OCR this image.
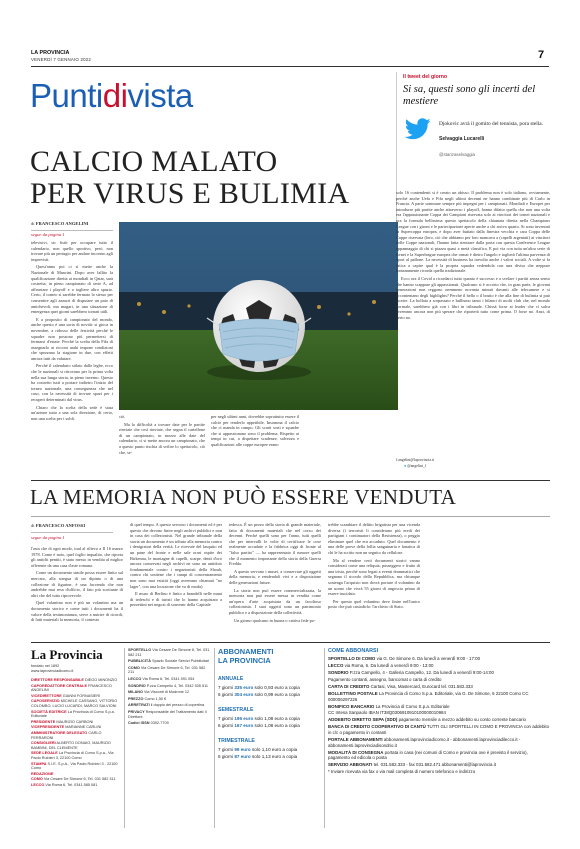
LA PROVINCIA
VENERDÌ 7 GENNAIO 2022	7
Puntidivista	Il tweet del giorno
Si sa, questi sono gli incerti del mestiere
Djokovic avrà il gomito del tennista, pora stella.
Selvaggia Lucarelli
@stanzaselvaggia
CALCIO MALATO
PER VIRUS E BULIMIA
di FRANCESCO ANGELINI
segue da pagina 1

televisivi, sic fistit per occupare tutto il calendario, non quello sportivo, però, non trovare più un pertugio per andare incontro agli imprevisti.

Quest'anno poi ci si mette anche la Nazionale di Mancini. Dopo aver fallito la qualificazione diretta ai mondiali in Qatar, sarà costretta, in pieno campionato di serie A, ad affrontare i playoff e a togliere altro spazio. Certo, il torneo si sarebbe fermato lo stesso per consentire agli azzurri di disputare un paio di amichevoli, ma magari, in una situazione di emergenza quei giorni sarebbero tornati utili.

E a proposito di campionato del mondo, anche questo è una sorta di novità: si gioca in novembre, a ridosso delle festività perché le squadre non possono più permettersi di fermarsi d'estate. Perché la scelta della Fifa di assegnarlo ai ricconi arabi impone condizioni che spezzano la stagione in due, con effetti ancora tutti da valutare.

Perché il calendario stilato dalle leghe, ecco che le nazionali si ritrovano per la prima volta nella sua lunga storia, in pieno inverno. Questo ha costretto tutti a portare indietro l'inizio del torneo nazionale, una conseguenza che nel caso, con la necessità di trovare spazi per i recuperi determinati dal virus.

Chiaro che la scelta della sede è stata un'azione tutta a una sola direzione, di certo, non una scelta per i soldi.	ciò.

Ma la difficoltà a trovare date per le partite rinviate che così rinviate, che segna il cartellone di un campionato, in mezzo alle date del calendario, ci si mette ancora un campionato, che a questo punto rischia di svilire lo spettacolo, ciò che, se-

per negli ultimi anni, dovrebbe soprattutto essere il calcio per renderlo appetibile. Insomma il calcio che ci manda in campo, Gli scarti sorti e squadre che si appassionano sono il problema. Rispetto ai tempi in cui, a dispettare scadenze, salvezza e qualificazioni alle coppe europee erano

solo 16 contendenti si è creato un abisso. Il problema non è solo italiano, ovviamente, perché anche Uefa e Fifa negli ultimi decenni ne hanno combinate più di Carlo in Francia. A parte sommare sempre più impegni per i campionati. Mondiali e Europei per introdurre più partite anche attraverso i playoff, hanno difatto quella che non una volta era l'appassionante Coppa dei Campioni riservata solo ai vincitori dei tornei nazionali e ora la formula bellissima questo spettacolo della chiamata diretta nella Champions League con i gironi e le partecipazione aperte anche a chi arriva quarto. Si sono inventati la Supercoppa europea, e dopo aver buttato dalla finestra vecchia e cara Coppa delle Coppe riservata (loro, ciò che abbiamo per loro mancava a (capelli argentati) ai vincitori delle Coppe nazionali, l'hanno fatta rientrare dalla porta con questa Conference League appannaggio di chi si piazza quasi a metà classifica. E poi via con tutta un'altra serie di tornei e la Superleague europea che ormai è dietro l'angolo e toglierà l'ultima parvenza di sport al pallone. La necessità di business ha travolto anche i valori sociali. A volte si fa fatica a capire qual è la propria squadra vedendola con una divisa che neppure lontanamente ricorda quella tradizionale.

Ecco ora il Covid a ricordarci tutto quanto è successo e a svelare i partiti senza senso che hanno scappare gli appassionati. Qualcuno si è accorto che, in gran parte, le giovani generazioni non reggono nemmeno novanta minuti davanti alle telecamere e si accontentano degli highlights? Perché il bello o il brutto è che alla fine di bulimia si può morire. La bollata a sorpassato e bullismo tanto i bilanci di molti club che, nel mondo normale, sarebbero già con i libri in tribunale. Chissà forse ai leader che ci salva avremmo ancora non più sperare che riporterà tutto come prima. O forse no. Anzi, di certo no.

f.angelini@laprovincia.it
● @angelini_f
LA MEMORIA NON PUÒ ESSERE VENDUTA
di FRANCESCO ANFOSSI
segue da pagina 1

l'asta che di ogni modo, trad al rilievo a Il 16 marzo 1978. Come è noto, quel foglio inqualito, che riporta gli antichi pentiti, è stato messo in vendita al miglior offerente da una casa d'aste romana.

Come un documento simile possa essere finito sul mercato, alla stregua di un dipinto o di una collezione di figurine, è una faccenda che non andrebbe mai resa d'ufficio, il fato più scottante di altri che del tutto riprovevole.

Quel volantino non è più un volantino ma un documento storico e come tutti i documenti ha il valore della testimonianza, serve a nutrire di ricordi, di fatti materiali la memoria, il contesto

di quel tempo. A questo servono i documenti ed è per questo che devono finire negli archivi pubblici e non in casa dei collezionisti. Nel grande tribunale della storia un documento è un tributo alla memoria contro i denigratori della verità. Le ricevute del lasquito ed un pane del fronte e nelle sale orari ospite dei Birkenau, le montagne di capelli, scarpe, denti d'oro ancora conservati negli archivi ne sono un antidoto fondamentale contro i negazionisti della Shoah, contro chi sostiene che i campi di concentramento non sono mai esistiti (oggi avremmo chiamati "no lager", con una locuzione che va di moda).

Il muro di Berlino è finito a brandelli nelle mani di tedeschi e di turisti che lo hanno acquistato a pezzettini nei negozi di souvenir della Capitale

tedesca. È un pezzo della storia di grande materiale, fatta di documenti materiali che nel corso dei decenni. Perché quelli sono per l'anno, tutti quelli che per intervalli le volte di certificare le cose realmente accadute e la fabbrica oggi di fronte al "falso partito" — ha rappresentato il rumore quelli che il momento importante della storia della Guerra Fredda.

A questo servono i musei, a conservare gli oggetti della memoria, e rendendoli vivi e a disposizione delle generazioni future.

La storia non può essere commercializzata, la memoria non può essere messa in vendita come un'opera d'arte acquistata da un facoltoso collezionista. I suoi oggetti sono un patrimonio pubblico e a disposizione della collettività.

Un giorno qualcuno in buona o cattiva fede po-

trebbe scambiare il delitto brigatista per una vicenda diversa (i terroristi li considerano più eredi dei partigiani i continuatori della Resistenza), o peggio eliminare quel che era accaduto. Quel documento è una delle prove della follia sanguinaria e fanatica di chi le ha scritto non un segnito da cellulose.

Ma al vendere certi documenti storici vanno considerati come una reliquia, passeggero e frutto di una trista, perché sono legati a eventi drammatici che segnano il ricordo della Repubblica, ma chiunque sostenga l'acquisto non dovrà portare il volantino da un uomo che vivrà 55 giorni di angoscia prima di essere trucidato.

Per questo quel volantino deve finire nell'unico posto che può custodirlo: l'archivio di Stato.

La Provincia
fondato nel 1892
www.laprovinciadicomo.it
DIRETTORE RESPONSABILE DIEGO MINONZIO
CAPOREDATTORE CENTRALE FRANCESCO ANGELINI
VICEDIRETTORE GIANNI FORNASIERI
CAPOSERVIZIO MICHELE CASSANO, VITTORIO COLOMBO, LUCIO LUCARDI, MARCO SALVIONI
SOCIETÀ EDITRICE La Provincia di Como S.p.a. Editoriale
PRESIDENTE MAURIZIO CARBONI
VICEPRESIDENTE MARIANNE CARLINI
AMMINISTRATORE DELEGATO CARLO FERRARONI
CONSIGLIERI ALBERTO DONAIO, MAURIZIO BAMBINI, DEL CLEMENTE
SEDE LEGALE La Provincia di Como S.p.a., Via Paolo Ruinieri 3, 22100 Como
STAMPA S.I.E. S.p.A., Via Paolo Ruinieri 3 - 22100 Como
REDAZIONE
COMO Via Cesare De Simone 6, Tel. 031 582 311
LECCO Via Roma 6, Tel. 0341 585 081
SPORTELLO Via Cesare De Simone 6, Tel. 031 582 211
PUBBLICITÀ Spazio Sociale Servizi Pubblicitari
COMO Via Cesare De Simone 6, Tel. 031 582 211
LECCO Via Roma 6, Tel. 0341 591 054
SONDRIO P.zza Campello 4, Tel. 0342 535 511
MILANO Via Visconti di Modrone 12
PREZZO Como 1,50 €
ARRETRATI il doppio del prezzo di copertina
PRIVACY Responsabile del Trattamento dati: il Direttore
Codici ISSN 0392-7709
ABBONAMENTI
LA PROVINCIA
ANNUALE
7 giorni 335 euro solo 0,93 euro a copia
6 giorni 304 euro solo 0,99 euro a copia
SEMESTRALE
7 giorni 195 euro solo 1,08 euro a copia
6 giorni 167 euro solo 1,08 euro a copia
TRIMESTRALE
7 giorni 99 euro solo 1,10 euro a copia
6 giorni 87 euro solo 1,13 euro a copia
COME ABBONARSI
SPORTELLO DI COMO via G. De Simone 6. Da lunedì a venerdì 9:00 - 17:00
LECCO via Roma, 6. Da lunedì a venerdì 9:00 - 13:00
SONDRIO P.zza Campello, 4 - Galleria Campello, 12. Da lunedì a venerdì 9:00-14:00
Pagamento contanti, assegno, bancomat o carta di credito
CARTA DI CREDITO Cartasi, Visa, Mastercard, Eurocard tel. 031.582.333
BOLLETTINO POSTALE La Provincia di Como S.p.a. Editoriale, via G. De Simone, 6 22100 Como CC 000006297226
BONIFICO BANCARIO La Provincia di Como S.p.a. Editoriale
CC Intesa Sanpaolo IBAN IT38Q0306910910100000010984
ADDEBITO DIRETTO SEPA (SDD) pagamento mensile a mezzo addebito su conto corrente bancario
BANCA DI CREDITO COOPERATIVO DI CANTÙ TUTTI GLI SPORTELLI IN COMO E PROVINCIA con addebito in c/c o pagamento in contanti
PORTALE ABBONAMENTI abbonamenti.laprovinciadicomo.it - abbonamenti.laprovinciadilecco.it - abbonamenti.laprovinciadisondrio.it
MODALITÀ DI CONSEGNA portata in casa (nei comuni di Como e provincia ove è previsto il servizio), pagamento ed edicola o posta
SERVIZIO ABBONATI tel. 031.582.333 - fax 031.582.471 abbonamenti@laprovincia.it
* Inviare ricevuta via fax o via mail completa di numero telefonico e indirizzo
